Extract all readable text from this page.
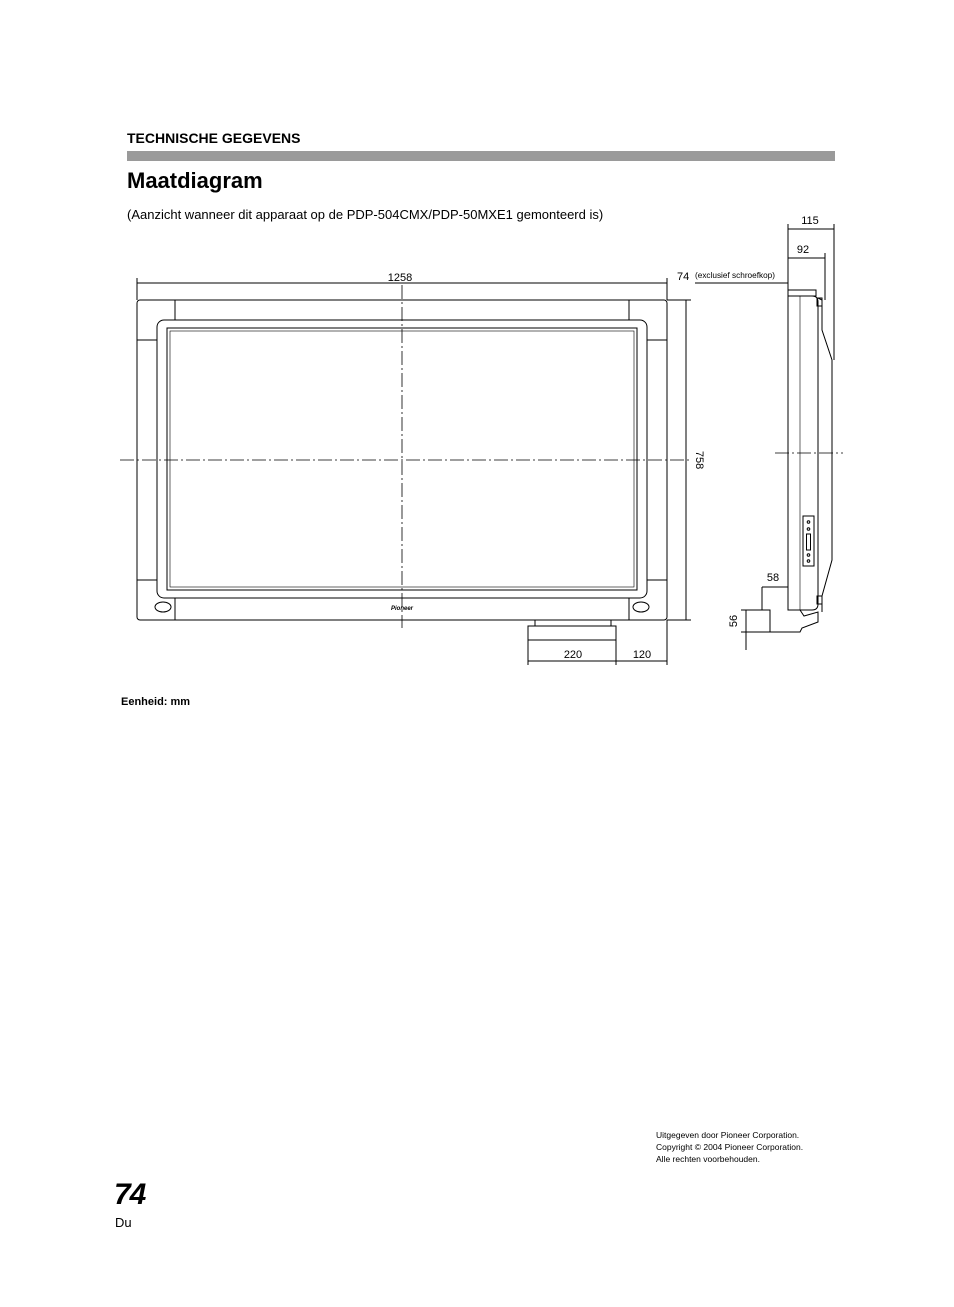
TECHNISCHE GEGEVENS
Maatdiagram
(Aanzicht wanneer dit apparaat op de PDP-504CMX/PDP-50MXE1 gemonteerd is)
Pioneer
1258
758
220	120
115
92
74 (exclusief schroefkop)
58
56
Eenheid: mm
Uitgegeven door Pioneer Corporation.
Copyright © 2004 Pioneer Corporation.
Alle rechten voorbehouden.
74
Du
